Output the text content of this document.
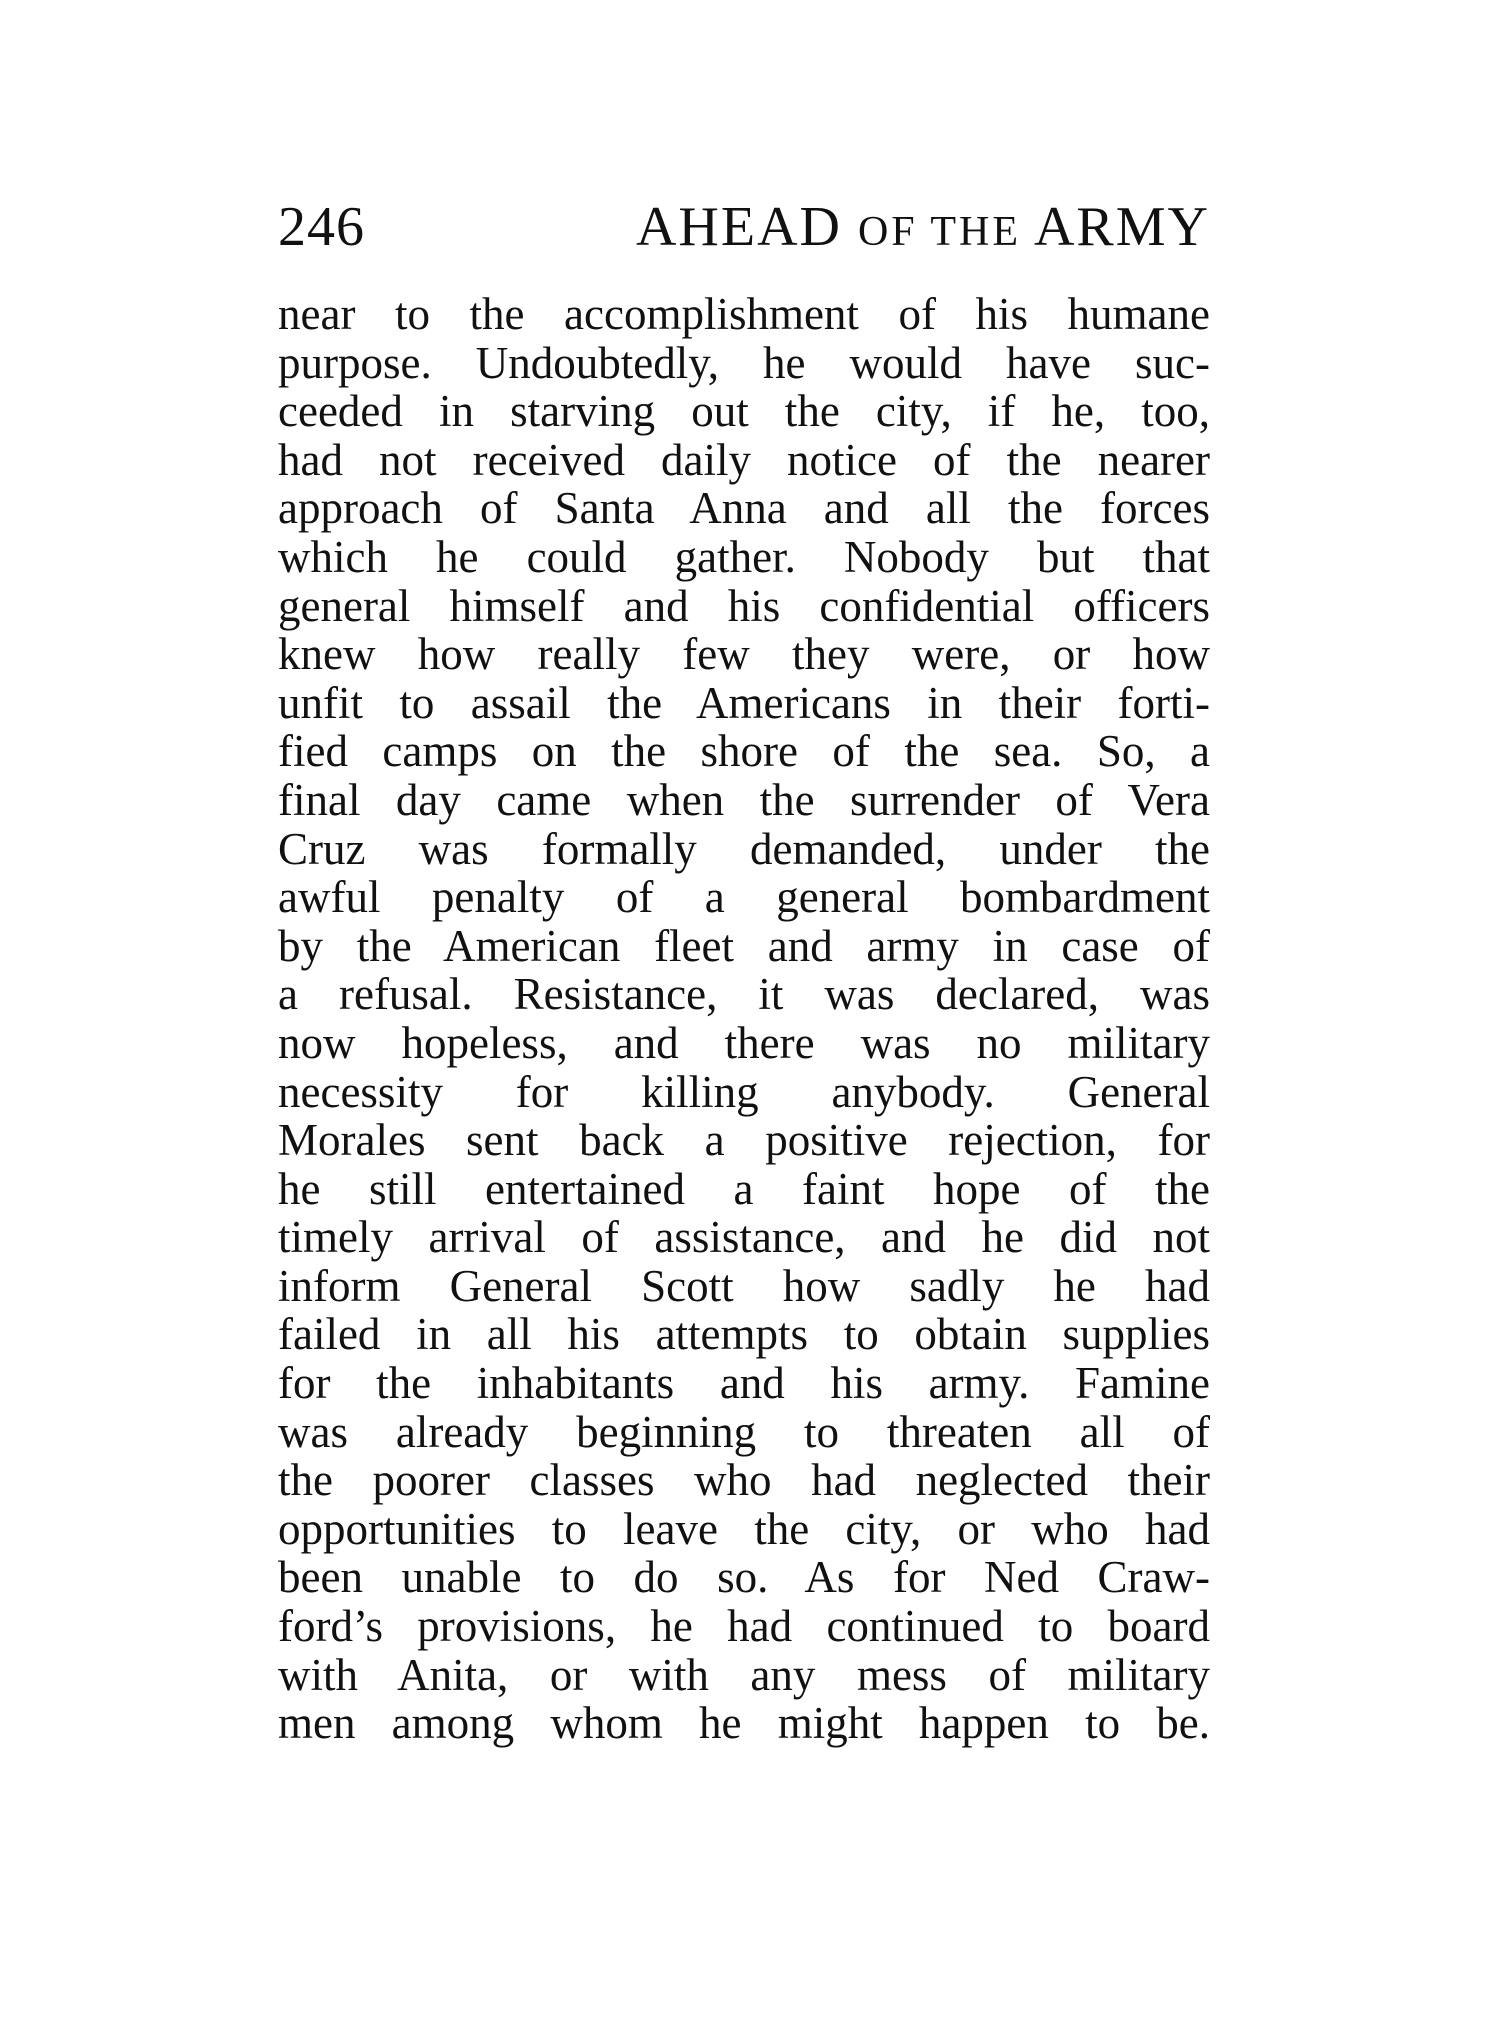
246	AHEAD OF THE ARMY
near to the accomplishment of his humane
purpose. Undoubtedly, he would have suc-
ceeded in starving out the city, if he, too,
had not received daily notice of the nearer
approach of Santa Anna and all the forces
which he could gather. Nobody but that
general himself and his confidential officers
knew how really few they were, or how
unfit to assail the Americans in their forti-
fied camps on the shore of the sea. So, a
final day came when the surrender of Vera
Cruz was formally demanded, under the
awful penalty of a general bombardment
by the American fleet and army in case of
a refusal. Resistance, it was declared, was
now hopeless, and there was no military
necessity for killing anybody. General
Morales sent back a positive rejection, for
he still entertained a faint hope of the
timely arrival of assistance, and he did not
inform General Scott how sadly he had
failed in all his attempts to obtain supplies
for the inhabitants and his army. Famine
was already beginning to threaten all of
the poorer classes who had neglected their
opportunities to leave the city, or who had
been unable to do so. As for Ned Craw-
ford’s provisions, he had continued to board
with Anita, or with any mess of military
men among whom he might happen to be.
